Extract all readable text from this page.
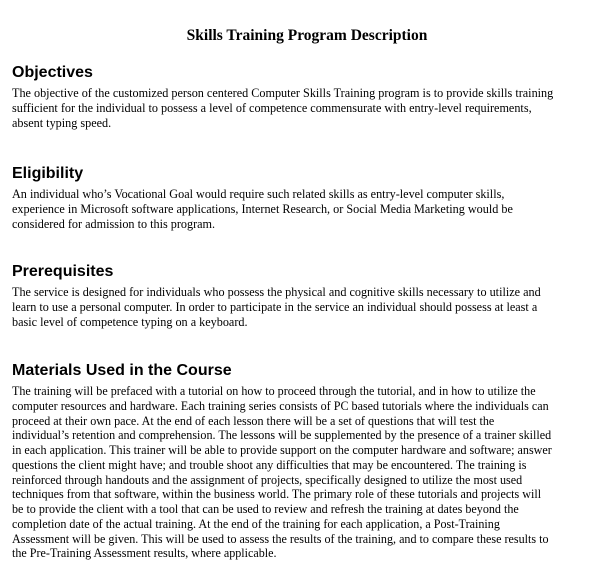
Skills Training Program Description
Objectives

The objective of the customized person centered Computer Skills Training program is to provide skills training
sufficient for the individual to possess a level of competence commensurate with entry-level requirements,
absent typing speed.

Eligibility

An individual who’s Vocational Goal would require such related skills as entry-level computer skills,
experience in Microsoft software applications, Internet Research, or Social Media Marketing would be
considered for admission to this program.

Prerequisites

The service is designed for individuals who possess the physical and cognitive skills necessary to utilize and
learn to use a personal computer. In order to participate in the service an individual should possess at least a
basic level of competence typing on a keyboard.

Materials Used in the Course

The training will be prefaced with a tutorial on how to proceed through the tutorial, and in how to utilize the
computer resources and hardware. Each training series consists of PC based tutorials where the individuals can
proceed at their own pace. At the end of each lesson there will be a set of questions that will test the
individual’s retention and comprehension. The lessons will be supplemented by the presence of a trainer skilled
in each application. This trainer will be able to provide support on the computer hardware and software; answer
questions the client might have; and trouble shoot any difficulties that may be encountered. The training is
reinforced through handouts and the assignment of projects, specifically designed to utilize the most used
techniques from that software, within the business world. The primary role of these tutorials and projects will
be to provide the client with a tool that can be used to review and refresh the training at dates beyond the
completion date of the actual training. At the end of the training for each application, a Post-Training
Assessment will be given. This will be used to assess the results of the training, and to compare these results to
the Pre-Training Assessment results, where applicable.
